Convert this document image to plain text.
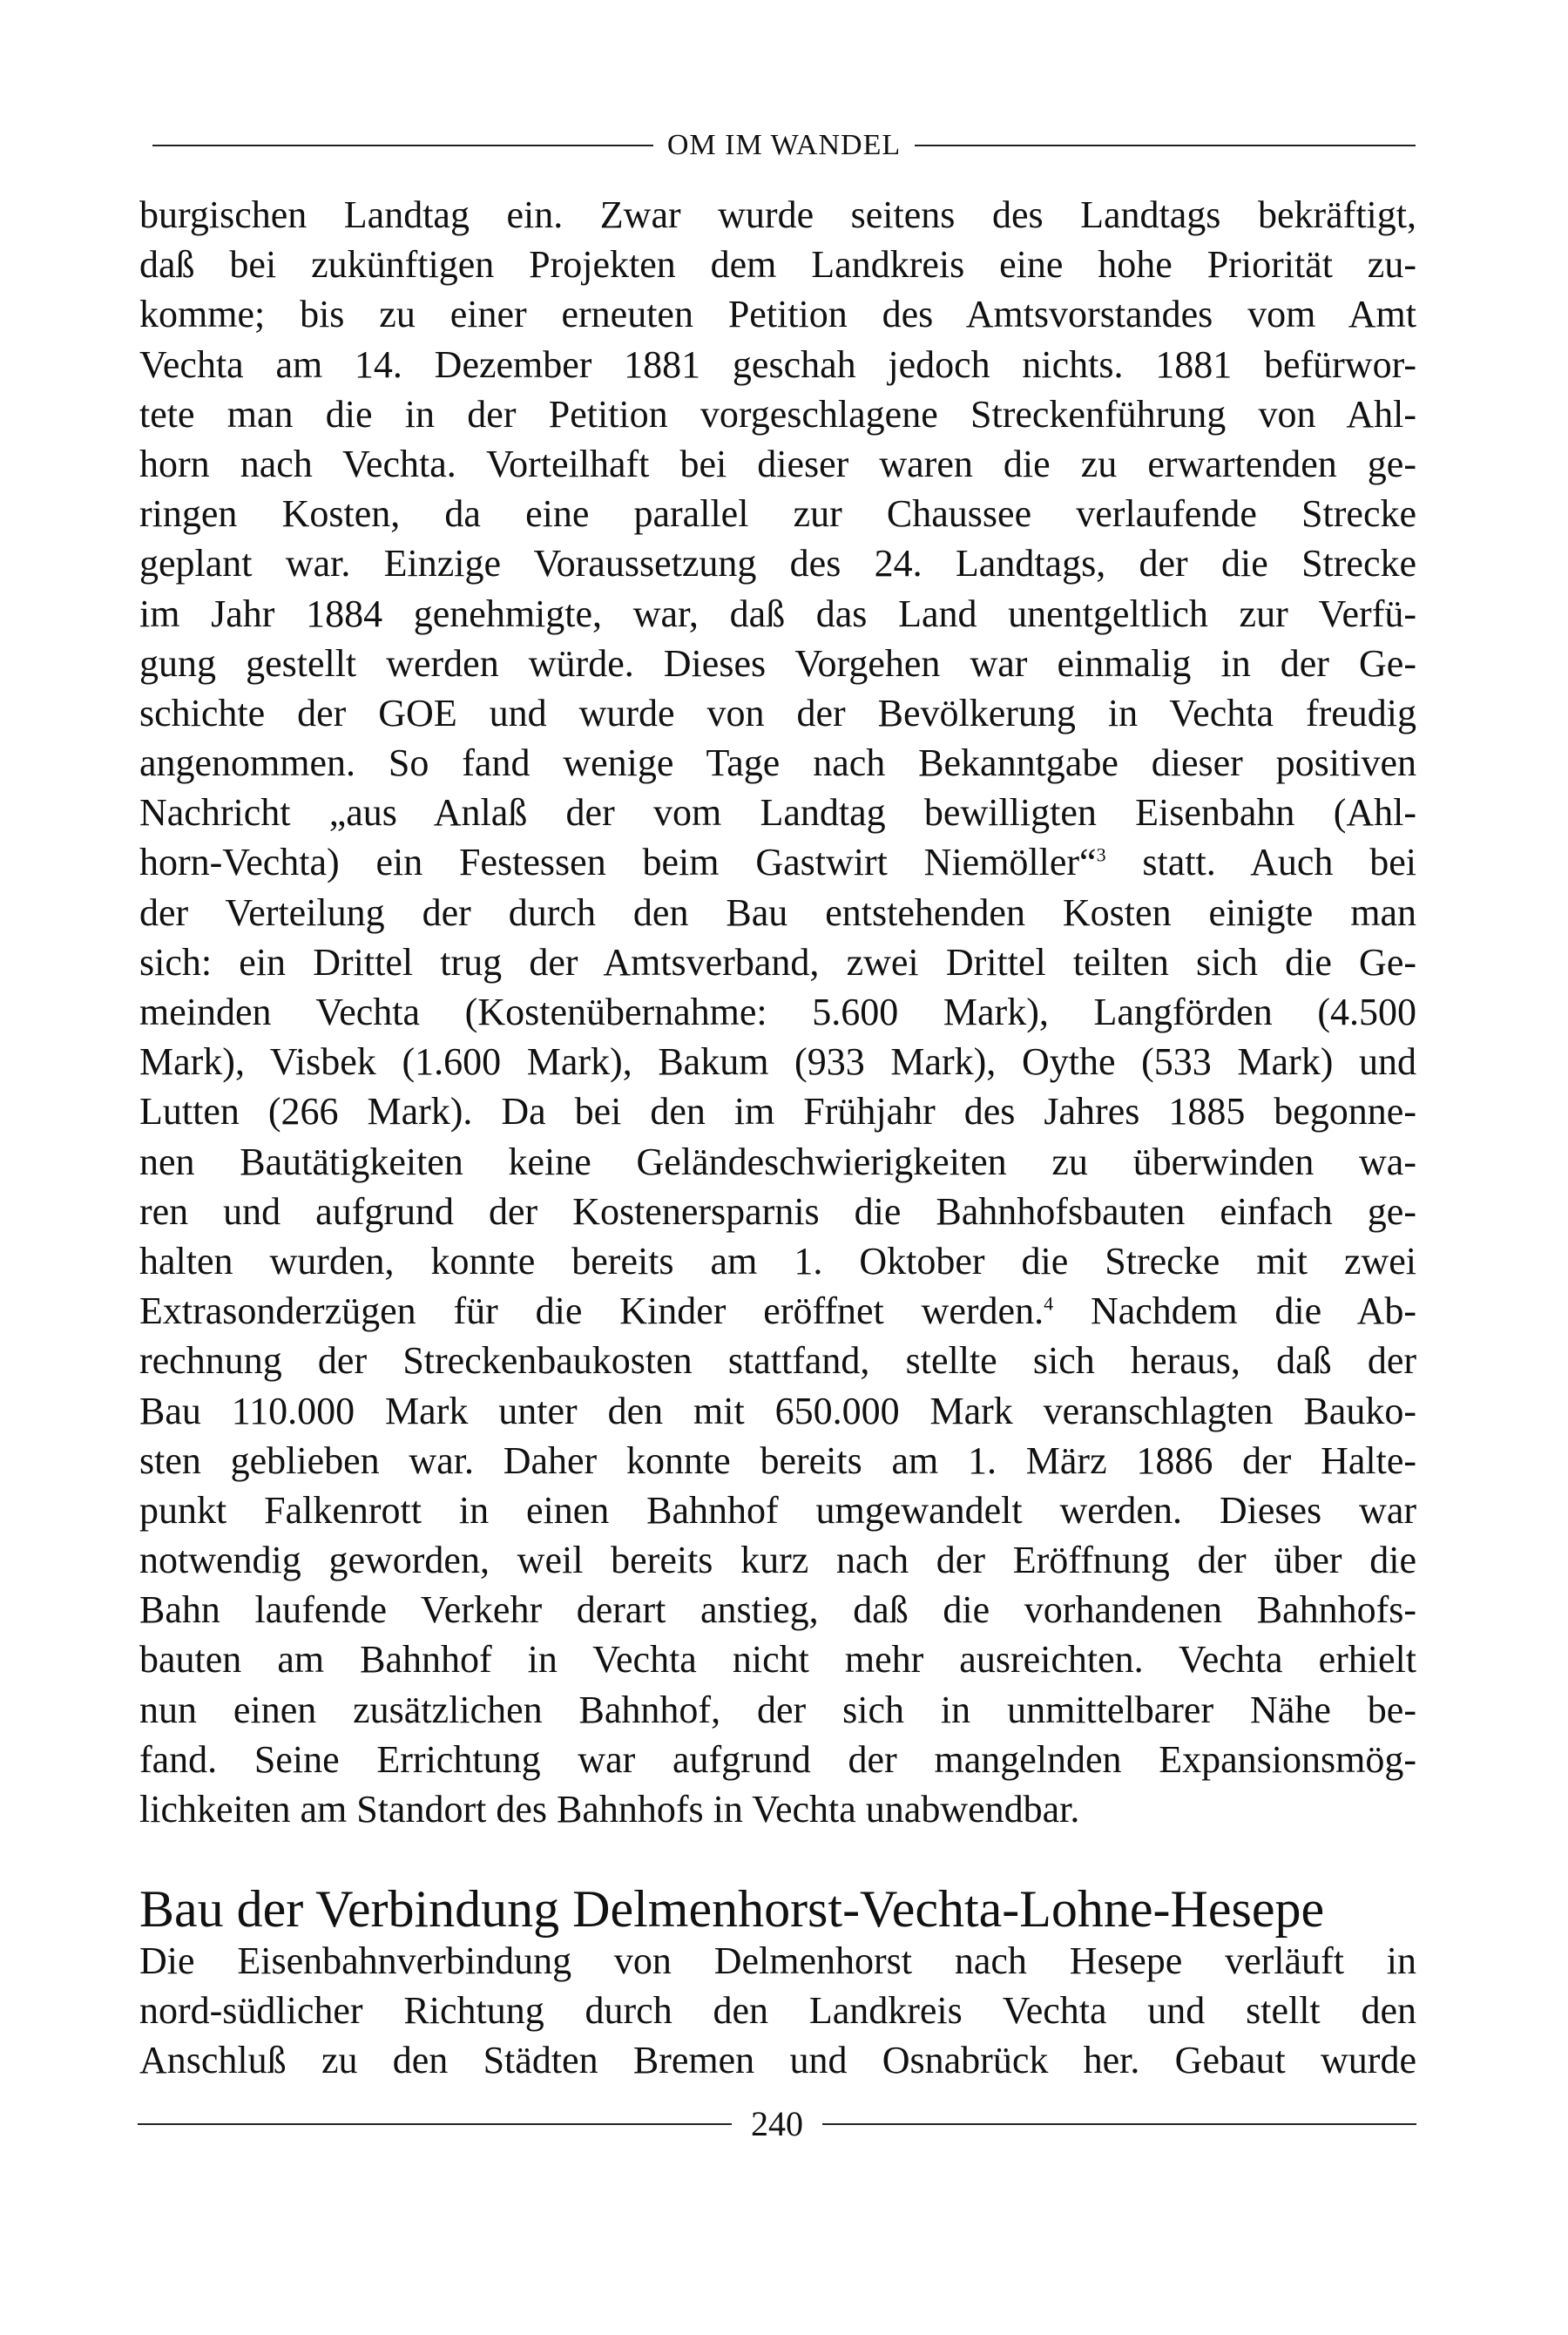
OM IM WANDEL
burgischen Landtag ein. Zwar wurde seitens des Landtags bekräftigt,
daß bei zukünftigen Projekten dem Landkreis eine hohe Priorität zu-
komme; bis zu einer erneuten Petition des Amtsvorstandes vom Amt
Vechta am 14. Dezember 1881 geschah jedoch nichts. 1881 befürwor-
tete man die in der Petition vorgeschlagene Streckenführung von Ahl-
horn nach Vechta. Vorteilhaft bei dieser waren die zu erwartenden ge-
ringen Kosten, da eine parallel zur Chaussee verlaufende Strecke
geplant war. Einzige Voraussetzung des 24. Landtags, der die Strecke
im Jahr 1884 genehmigte, war, daß das Land unentgeltlich zur Verfü-
gung gestellt werden würde. Dieses Vorgehen war einmalig in der Ge-
schichte der GOE und wurde von der Bevölkerung in Vechta freudig
angenommen. So fand wenige Tage nach Bekanntgabe dieser positiven
Nachricht „aus Anlaß der vom Landtag bewilligten Eisenbahn (Ahl-
horn-Vechta) ein Festessen beim Gastwirt Niemöller“$^3$ statt. Auch bei
der Verteilung der durch den Bau entstehenden Kosten einigte man
sich: ein Drittel trug der Amtsverband, zwei Drittel teilten sich die Ge-
meinden Vechta (Kostenübernahme: 5.600 Mark), Langförden (4.500
Mark), Visbek (1.600 Mark), Bakum (933 Mark), Oythe (533 Mark) und
Lutten (266 Mark). Da bei den im Frühjahr des Jahres 1885 begonne-
nen Bautätigkeiten keine Geländeschwierigkeiten zu überwinden wa-
ren und aufgrund der Kostenersparnis die Bahnhofsbauten einfach ge-
halten wurden, konnte bereits am 1. Oktober die Strecke mit zwei
Extrasonderzügen für die Kinder eröffnet werden.$^4$ Nachdem die Ab-
rechnung der Streckenbaukosten stattfand, stellte sich heraus, daß der
Bau 110.000 Mark unter den mit 650.000 Mark veranschlagten Bauko-
sten geblieben war. Daher konnte bereits am 1. März 1886 der Halte-
punkt Falkenrott in einen Bahnhof umgewandelt werden. Dieses war
notwendig geworden, weil bereits kurz nach der Eröffnung der über die
Bahn laufende Verkehr derart anstieg, daß die vorhandenen Bahnhofs-
bauten am Bahnhof in Vechta nicht mehr ausreichten. Vechta erhielt
nun einen zusätzlichen Bahnhof, der sich in unmittelbarer Nähe be-
fand. Seine Errichtung war aufgrund der mangelnden Expansionsmög-
lichkeiten am Standort des Bahnhofs in Vechta unabwendbar.
Bau der Verbindung Delmenhorst-Vechta-Lohne-Hesepe
Die Eisenbahnverbindung von Delmenhorst nach Hesepe verläuft in
nord-südlicher Richtung durch den Landkreis Vechta und stellt den
Anschluß zu den Städten Bremen und Osnabrück her. Gebaut wurde
240
